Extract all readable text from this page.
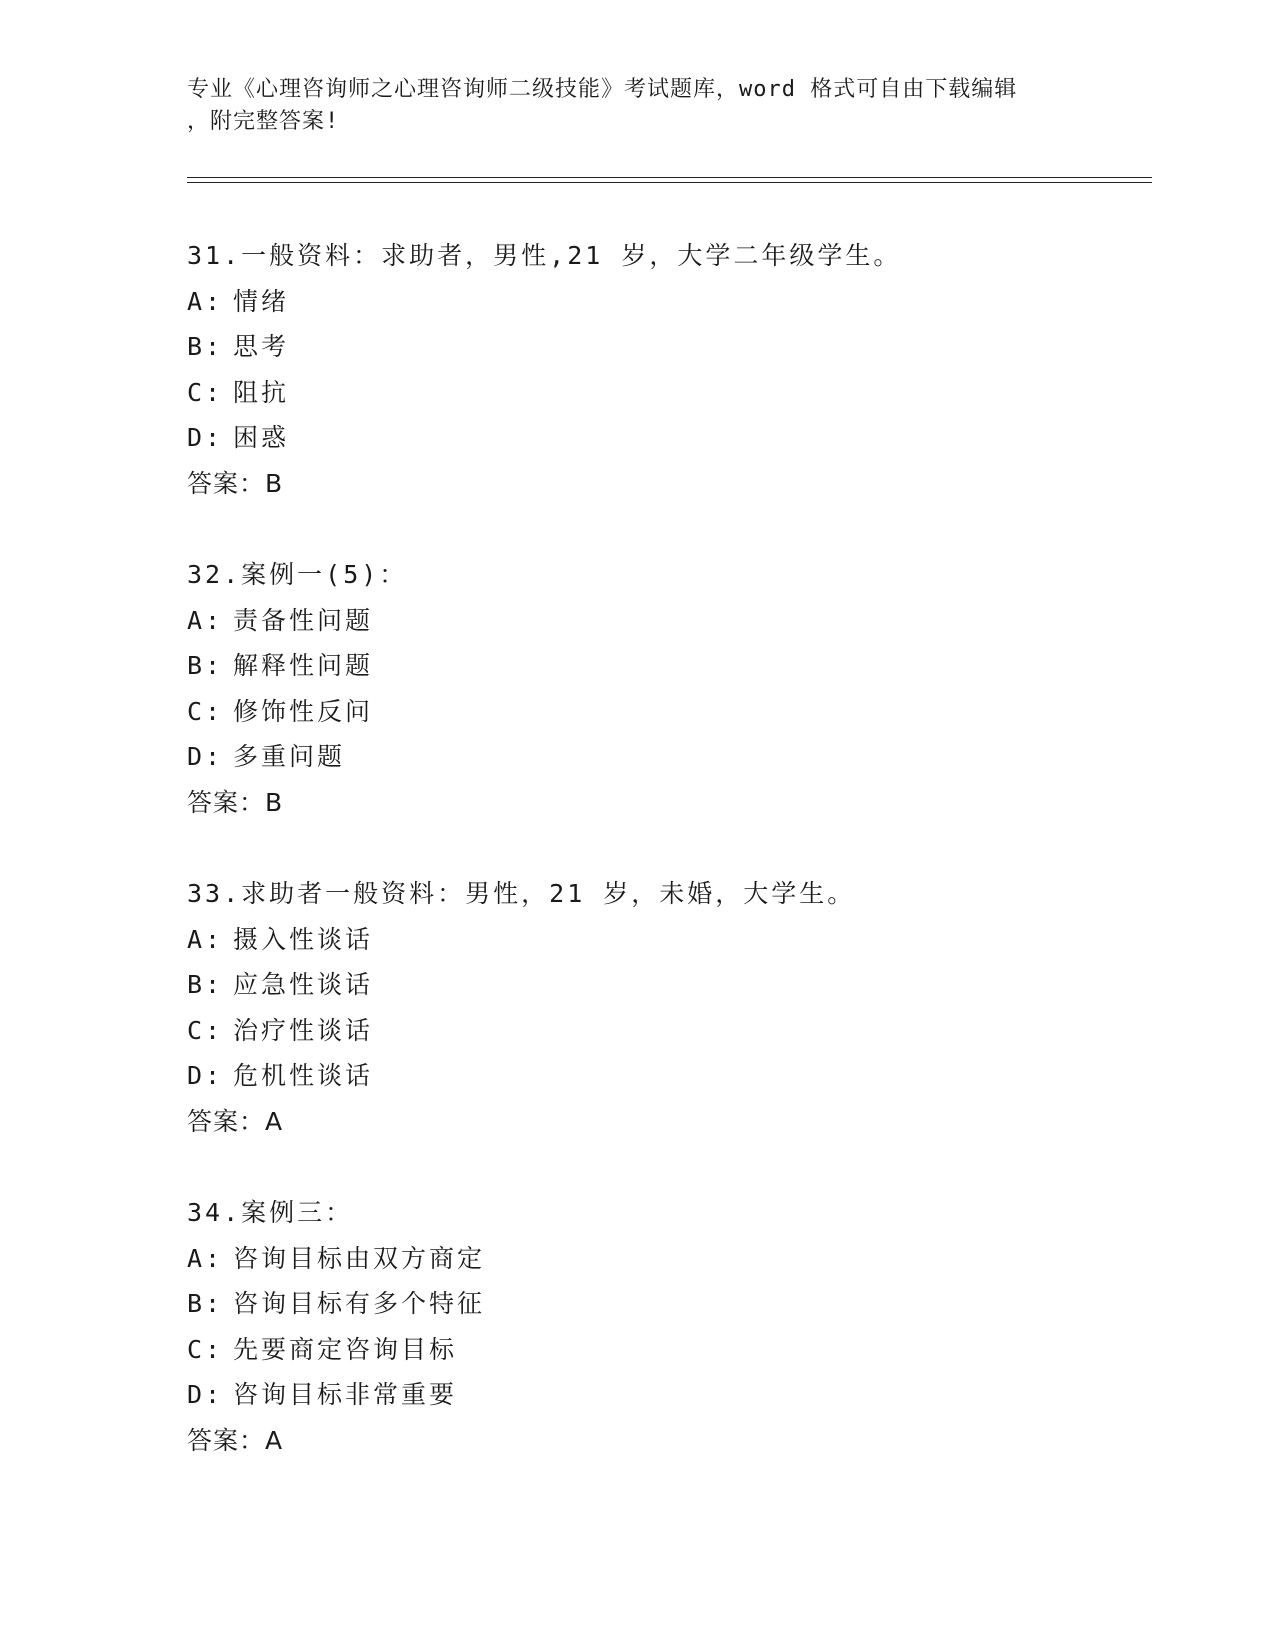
专业《心理咨询师之心理咨询师二级技能》考试题库，word 格式可自由下载编辑
，附完整答案!
31.一般资料：求助者，男性,21 岁，大学二年级学生。
A: 情绪
B: 思考
C: 阻抗
D: 困惑
答案：B
32.案例一(5)：
A: 责备性问题
B: 解释性问题
C: 修饰性反问
D: 多重问题
答案：B
33.求助者一般资料：男性，21 岁，未婚，大学生。
A: 摄入性谈话
B: 应急性谈话
C: 治疗性谈话
D: 危机性谈话
答案：A
34.案例三：
A: 咨询目标由双方商定
B: 咨询目标有多个特征
C: 先要商定咨询目标
D: 咨询目标非常重要
答案：A
